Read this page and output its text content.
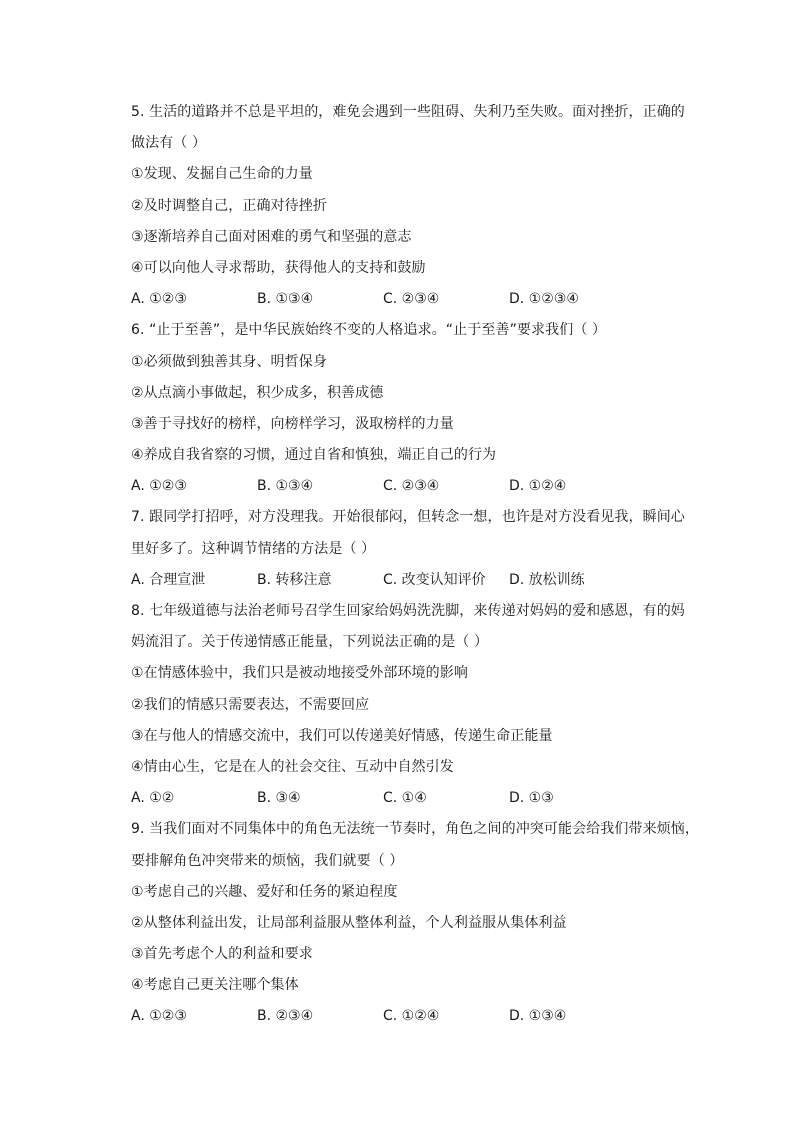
5. 生活的道路并不总是平坦的，难免会遇到一些阻碍、失利乃至失败。面对挫折，正确的
做法有（ ）
①发现、发掘自己生命的力量
②及时调整自己，正确对待挫折
③逐渐培养自己面对困难的勇气和坚强的意志
④可以向他人寻求帮助，获得他人的支持和鼓励
A. ①②③	B. ①③④	C. ②③④	D. ①②③④
6. “止于至善”，是中华民族始终不变的人格追求。“止于至善”要求我们（ ）
①必须做到独善其身、明哲保身
②从点滴小事做起，积少成多，积善成德
③善于寻找好的榜样，向榜样学习，汲取榜样的力量
④养成自我省察的习惯，通过自省和慎独，端正自己的行为
A. ①②③	B. ①③④	C. ②③④	D. ①②④
7. 跟同学打招呼，对方没理我。开始很郁闷，但转念一想，也许是对方没看见我，瞬间心
里好多了。这种调节情绪的方法是（ ）
A. 合理宣泄	B. 转移注意	C. 改变认知评价	D. 放松训练
8. 七年级道德与法治老师号召学生回家给妈妈洗洗脚，来传递对妈妈的爱和感恩，有的妈
妈流泪了。关于传递情感正能量，下列说法正确的是（ ）
①在情感体验中，我们只是被动地接受外部环境的影响
②我们的情感只需要表达，不需要回应
③在与他人的情感交流中，我们可以传递美好情感，传递生命正能量
④情由心生，它是在人的社会交往、互动中自然引发
A. ①②	B. ③④	C. ①④	D. ①③
9. 当我们面对不同集体中的角色无法统一节奏时，角色之间的冲突可能会给我们带来烦恼，
要排解角色冲突带来的烦恼，我们就要（ ）
①考虑自己的兴趣、爱好和任务的紧迫程度
②从整体利益出发，让局部利益服从整体利益，个人利益服从集体利益
③首先考虑个人的利益和要求
④考虑自己更关注哪个集体
A. ①②③	B. ②③④	C. ①②④	D. ①③④
